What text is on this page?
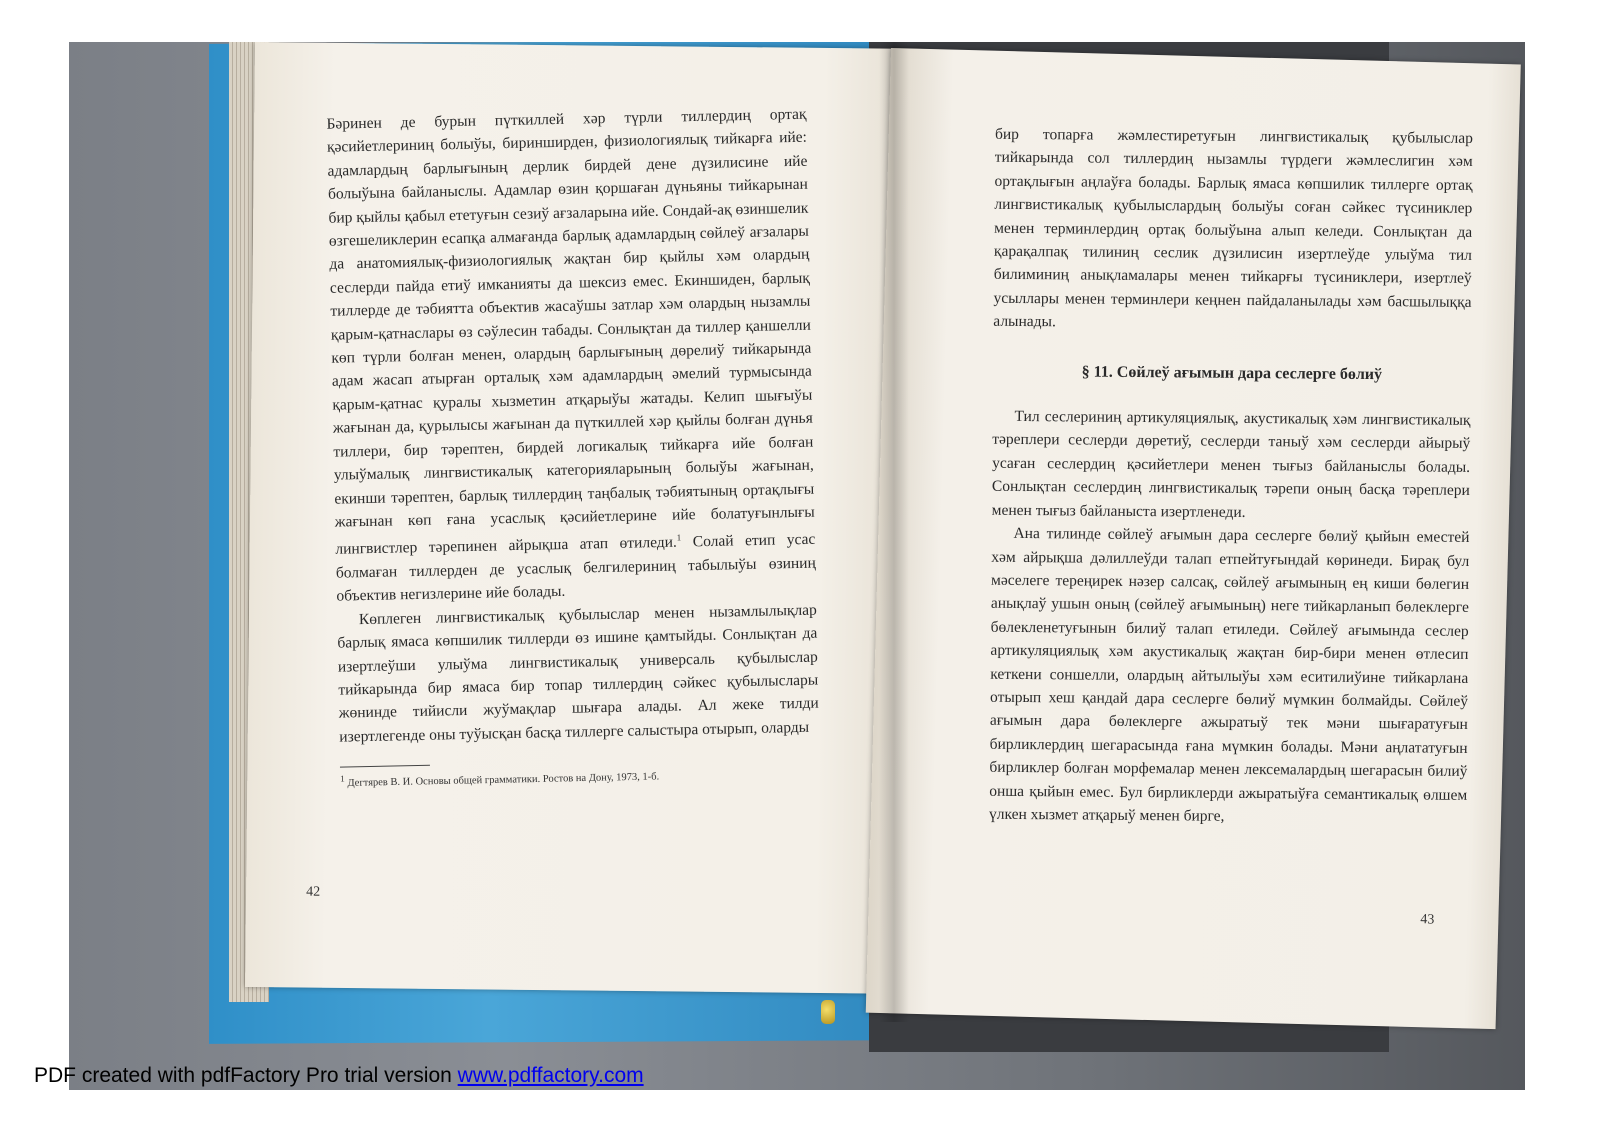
Бәринен де бурын пүткиллей хәр түрли тиллердиң ортақ қәсийетлериниң болыўы, биринширден, физиологиялық тийкарға ийе: адамлардың барлығының дерлик бирдей дене дүзилисине ийе болыўына байланыслы. Адамлар өзин қоршаған дүньяны тийкарынан бир қыйлы қабыл ететуғын сезиў ағзаларына ийе. Сондай-ақ өзиншелик өзгешеликлерин есапқа алмағанда барлық адамлардың сөйлеў ағзалары да анатомиялық-физиологиялық жақтан бир қыйлы хәм олардың сеслерди пайда етиў имканияты да шексиз емес. Екиншиден, барлық тиллерде де тәбиятта объектив жасаўшы затлар хәм олардың нызамлы қарым-қатнаслары өз сәўлесин табады. Сонлықтан да тиллер қаншелли көп түрли болған менен, олардың барлығының дөрелиў тийкарында адам жасап атырған орталық хәм адамлардың әмелий турмысында қарым-қатнас қуралы хызметин атқарыўы жатады. Келип шығыўы жағынан да, қурылысы жағынан да пүткиллей хәр қыйлы болған дүнья тиллери, бир тәрептен, бирдей логикалық тийкарға ийе болған улыўмалық лингвистикалық категорияларының болыўы жағынан, екинши тәрептен, барлық тиллердиң таңбалық тәбиятының ортақлығы жағынан көп ғана усаслық қәсийетлерине ийе болатуғынлығы лингвистлер тәрепинен айрықша атап өтиледи.$^1$ Солай етип усас болмаған тиллерден де усаслық белгилериниң табылыўы өзиниң объектив негизлерине ийе болады.

Көплеген лингвистикалық қубылыслар менен нызамлылықлар барлық ямаса көпшилик тиллерди өз ишине қамтыйды. Сонлықтан да изертлеўши улыўма лингвистикалық универсаль қубылыслар тийкарында бир ямаса бир топар тиллердиң сәйкес қубылыслары жөнинде тийисли жуўмақлар шығара алады. Ал жеке тилди изертлегенде оны туўысқан басқа тиллерге салыстыра отырып, оларды

$^1$ Дегтярев В. И. Основы общей грамматики. Ростов на Дону, 1973, 1-б.
42

бир топарға жәмлестиретуғын лингвистикалық қубылыслар тийкарында сол тиллердиң нызамлы түрдеги жәмлеслигин хәм ортақлығын аңлаўға болады. Барлық ямаса көпшилик тиллерге ортақ лингвистикалық қубылыслардың болыўы соған сәйкес түсиниклер менен терминлердиң ортақ болыўына алып келеди. Сонлықтан да қарақалпақ тилиниң сеслик дүзилисин изертлеўде улыўма тил билиминиң анықламалары менен тийкарғы түсиниклери, изертлеў усыллары менен терминлери кеңнен пайдаланылады хәм басшылыққа алынады.

§ 11. Сөйлеў ағымын дара сеслерге бөлиў

Тил сеслериниң артикуляциялық, акустикалық хәм лингвистикалық тәреплери сеслерди дөретиў, сеслерди таныў хәм сеслерди айырыў усаған сеслердиң қәсийетлери менен тығыз байланыслы болады. Сонлықтан сеслердиң лингвистикалық тәрепи оның басқа тәреплери менен тығыз байланыста изертленеди.

Ана тилинде сөйлеў ағымын дара сеслерге бөлиў қыйын еместей хәм айрықша дәлиллеўди талап етпейтуғындай көринеди. Бирақ бул мәселеге тереңирек нәзер салсақ, сөйлеў ағымының ең киши бөлегин анықлаў ушын оның (сөйлеў ағымының) неге тийкарланып бөлеклерге бөлекленетуғынын билиў талап етиледи. Сөйлеў ағымында сеслер артикуляциялық хәм акустикалық жақтан бир-бири менен өтлесип кеткени соншелли, олардың айтылыўы хәм еситилиўине тийкарлана отырып хеш қандай дара сеслерге бөлиў мүмкин болмайды. Сөйлеў ағымын дара бөлеклерге ажыратыў тек мәни шығаратуғын бирликлердиң шегарасында ғана мүмкин болады. Мәни аңлататуғын бирликлер болған морфемалар менен лексемалардың шегарасын билиў онша қыйын емес. Бул бирликлерди ажыратыўға семантикалық өлшем үлкен хызмет атқарыў менен бирге,

43
PDF created with pdfFactory Pro trial version www.pdffactory.com
